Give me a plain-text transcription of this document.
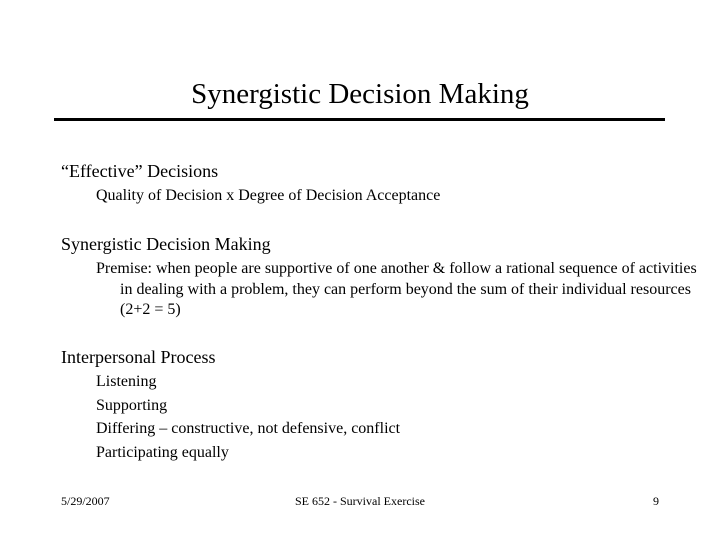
Synergistic Decision Making
“Effective” Decisions
Quality of Decision x Degree of Decision Acceptance
Synergistic Decision Making
Premise: when people are supportive of one another & follow a rational sequence of activities in dealing with a problem, they can perform beyond the sum of their individual resources (2+2 = 5)
Interpersonal Process
Listening
Supporting
Differing – constructive, not defensive, conflict
Participating equally
5/29/2007	SE 652 - Survival Exercise	9
